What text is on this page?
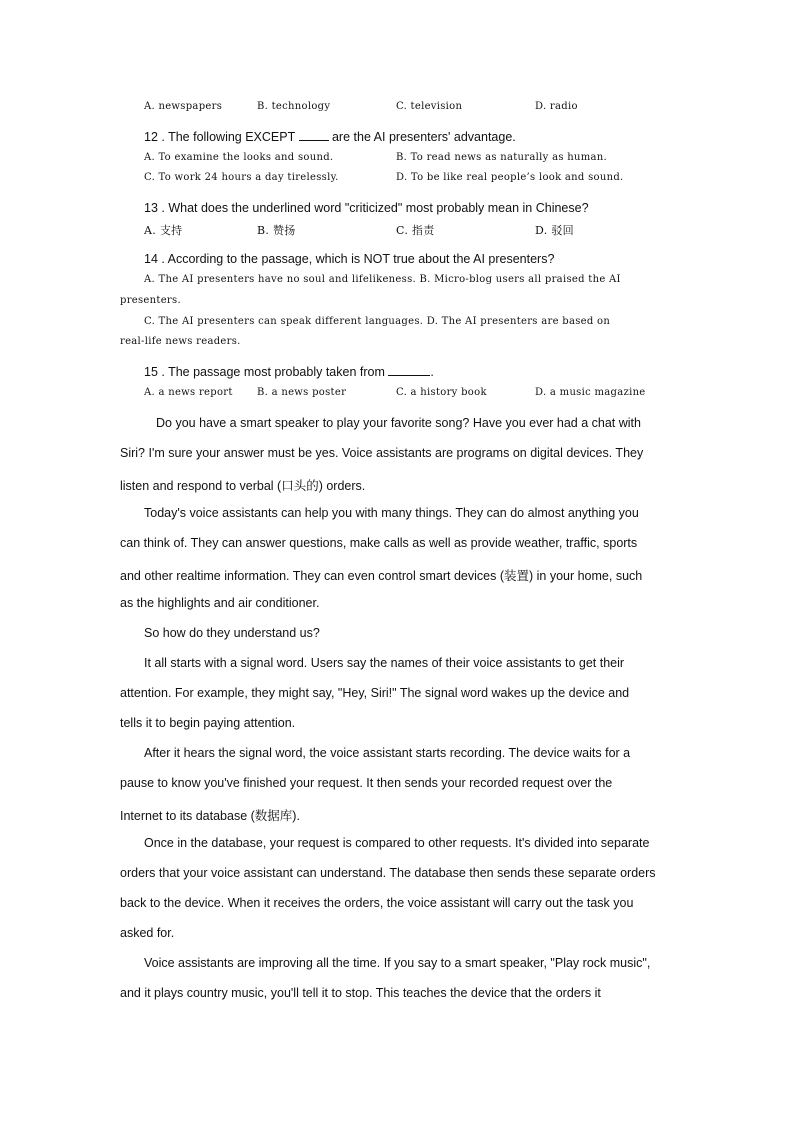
A. newspapers	B. technology	C. television	D. radio
12 . The following EXCEPT	are the AI presenters' advantage.
A. To examine the looks and sound.	B. To read news as naturally as human.
C. To work 24 hours a day tirelessly.	D. To be like real people’s look and sound.
13 . What does the underlined word "criticized" most probably mean in Chinese?
A. 支持	B. 赞扬	C. 指责	D. 驳回
14 . According to the passage, which is NOT true about the AI presenters?
A. The AI presenters have no soul and lifelikeness. B. Micro-blog users all praised the AI
presenters.
C. The AI presenters can speak different languages. D. The AI presenters are based on
real-life news readers.
15 . The passage most probably taken from	.
A. a news report B. a news poster	C. a history book	D. a music magazine
Do you have a smart speaker to play your favorite song? Have you ever had a chat with
Siri? I'm sure your answer must be yes. Voice assistants are programs on digital devices. They
listen and respond to verbal (口头的) orders.
Today's voice assistants can help you with many things. They can do almost anything you
can think of. They can answer questions, make calls as well as provide weather, traffic, sports
and other realtime information. They can even control smart devices (装置) in your home, such
as the highlights and air conditioner.
So how do they understand us?
It all starts with a signal word. Users say the names of their voice assistants to get their
attention. For example, they might say, "Hey, Siri!" The signal word wakes up the device and
tells it to begin paying attention.
After it hears the signal word, the voice assistant starts recording. The device waits for a
pause to know you've finished your request. It then sends your recorded request over the
Internet to its database (数据库).
Once in the database, your request is compared to other requests. It's divided into separate
orders that your voice assistant can understand. The database then sends these separate orders
back to the device. When it receives the orders, the voice assistant will carry out the task you
asked for.
Voice assistants are improving all the time. If you say to a smart speaker, "Play rock music",
and it plays country music, you'll tell it to stop. This teaches the device that the orders it
